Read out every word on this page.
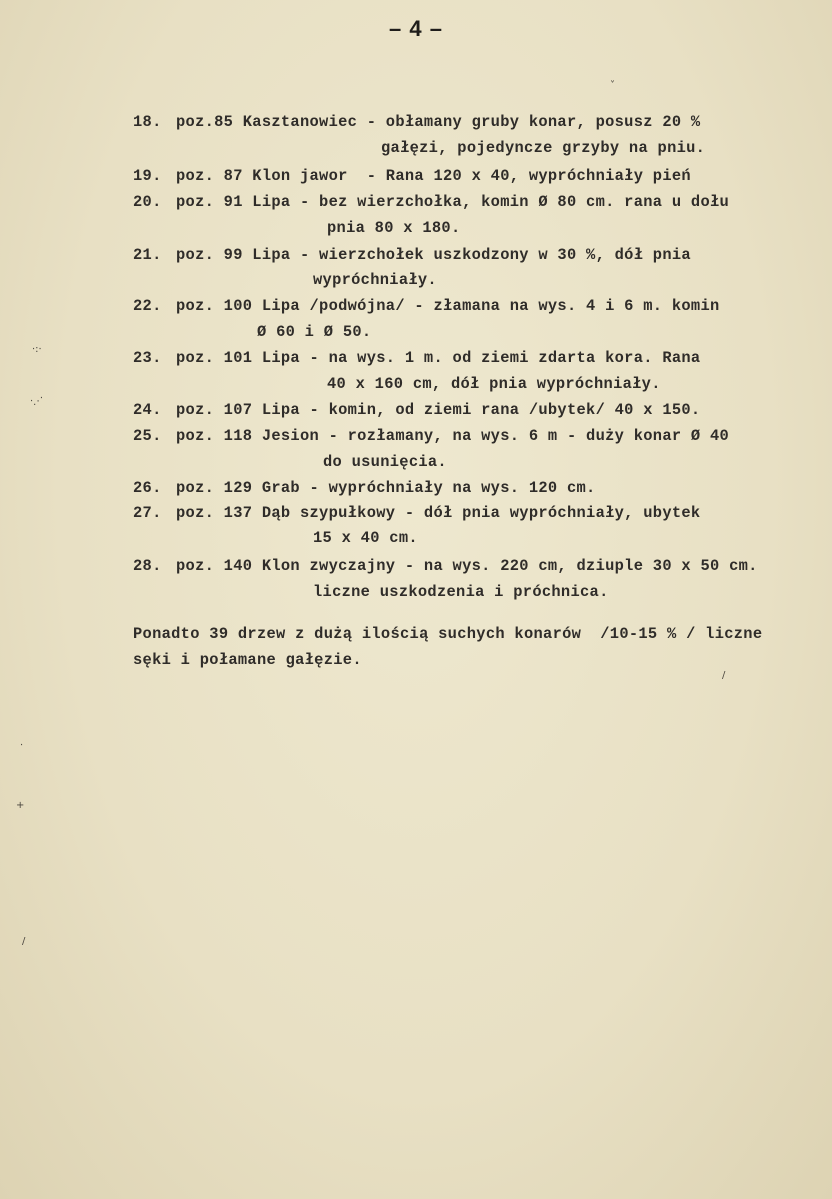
– 4 –
18. poz.85 Kasztanowiec - obłamany gruby konar, posusz 20 %
gałęzi, pojedyncze grzyby na pniu.
19. poz. 87 Klon jawor  - Rana 120 x 40, wypróchniały pień
20. poz. 91 Lipa - bez wierzchołka, komin Ø 80 cm. rana u dołu
pnia 80 x 180.
21. poz. 99 Lipa - wierzchołek uszkodzony w 30 %, dół pnia
wypróchniały.
22. poz. 100 Lipa /podwójna/ - złamana na wys. 4 i 6 m. komin
Ø 60 i Ø 50.
23. poz. 101 Lipa - na wys. 1 m. od ziemi zdarta kora. Rana
40 x 160 cm, dół pnia wypróchniały.
24. poz. 107 Lipa - komin, od ziemi rana /ubytek/ 40 x 150.
25. poz. 118 Jesion - rozłamany, na wys. 6 m - duży konar Ø 40
do usunięcia.
26. poz. 129 Grab - wypróchniały na wys. 120 cm.
27. poz. 137 Dąb szypułkowy - dół pnia wypróchniały, ubytek
15 x 40 cm.
28. poz. 140 Klon zwyczajny - na wys. 220 cm, dziuple 30 x 50 cm.
liczne uszkodzenia i próchnica.
Ponadto 39 drzew z dużą ilością suchych konarów  /10-15 % / liczne
sęki i połamane gałęzie.
˅
⋅:⋅
⋅⋰
⋅
+
/
/
